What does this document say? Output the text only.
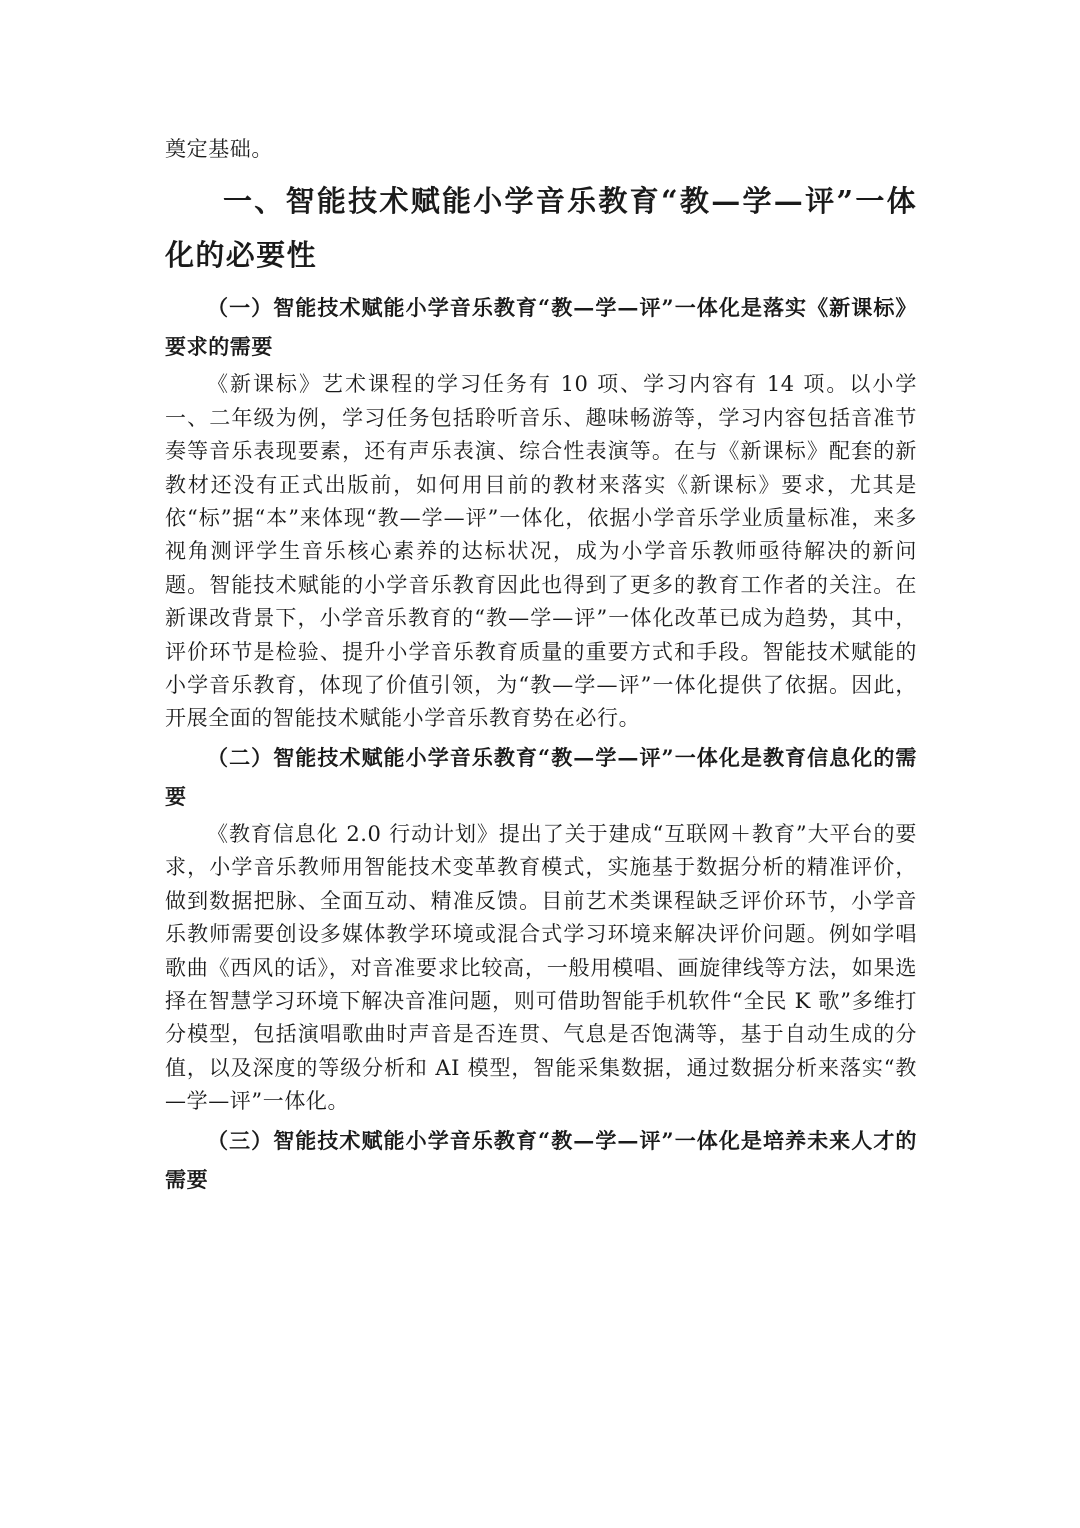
奠定基础。

一、智能技术赋能小学音乐教育“教—学—评”一体化的必要性
（一）智能技术赋能小学音乐教育“教—学—评”一体化是落实《新课标》要求的需要

《新课标》艺术课程的学习任务有 10 项、学习内容有 14 项。以小学一、二年级为例，学习任务包括聆听音乐、趣味畅游等，学习内容包括音准节奏等音乐表现要素，还有声乐表演、综合性表演等。在与《新课标》配套的新教材还没有正式出版前，如何用目前的教材来落实《新课标》要求，尤其是依“标”据“本”来体现“教—学—评”一体化，依据小学音乐学业质量标准，来多视角测评学生音乐核心素养的达标状况，成为小学音乐教师亟待解决的新问题。智能技术赋能的小学音乐教育因此也得到了更多的教育工作者的关注。在新课改背景下，小学音乐教育的“教—学—评”一体化改革已成为趋势，其中，评价环节是检验、提升小学音乐教育质量的重要方式和手段。智能技术赋能的小学音乐教育，体现了价值引领，为“教—学—评”一体化提供了依据。因此，开展全面的智能技术赋能小学音乐教育势在必行。

（二）智能技术赋能小学音乐教育“教—学—评”一体化是教育信息化的需要

《教育信息化 2.0 行动计划》提出了关于建成“互联网＋教育”大平台的要求，小学音乐教师用智能技术变革教育模式，实施基于数据分析的精准评价，做到数据把脉、全面互动、精准反馈。目前艺术类课程缺乏评价环节，小学音乐教师需要创设多媒体教学环境或混合式学习环境来解决评价问题。例如学唱歌曲《西风的话》，对音准要求比较高，一般用模唱、画旋律线等方法，如果选择在智慧学习环境下解决音准问题，则可借助智能手机软件“全民 K 歌”多维打分模型，包括演唱歌曲时声音是否连贯、气息是否饱满等，基于自动生成的分值，以及深度的等级分析和 AI 模型，智能采集数据，通过数据分析来落实“教—学—评”一体化。

（三）智能技术赋能小学音乐教育“教—学—评”一体化是培养未来人才的需要
